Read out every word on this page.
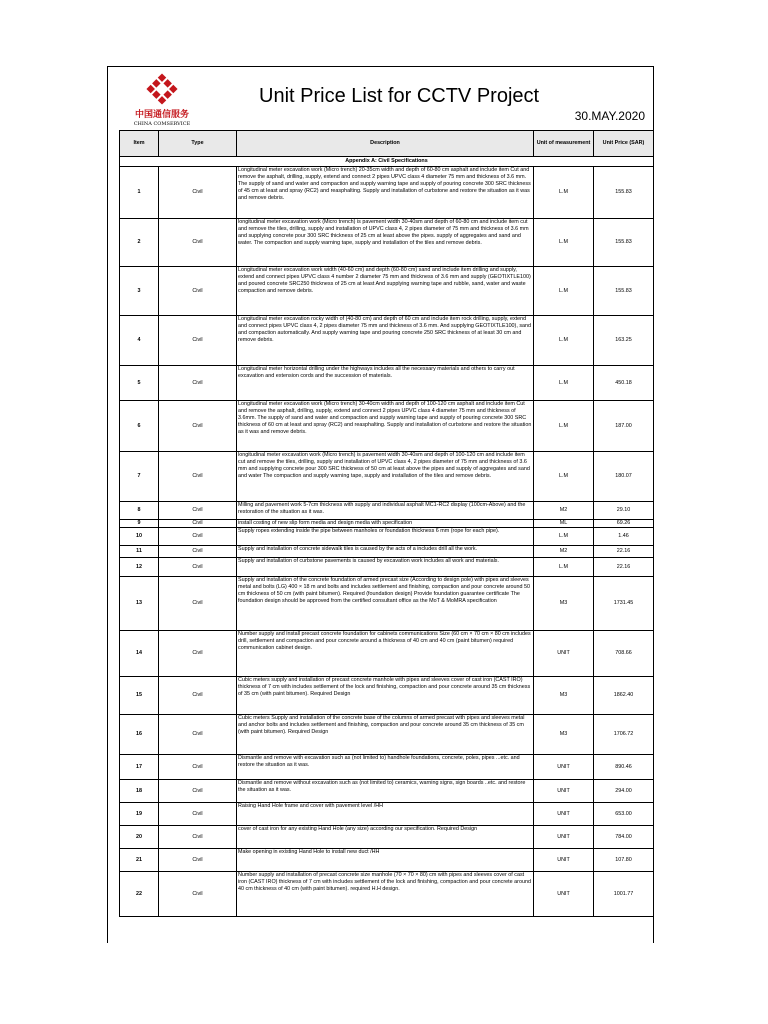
中国通信服务
CHINA COMSERVICE
Unit Price List for CCTV Project
30.MAY.2020
Item	Type	Description	Unit of measurement	Unit Price (SAR)
Appendix A: Civil Specifications				
1	Civil	Longitudinal meter excavation work (Micro trench) 20-35cm width and depth of 60-80 cm asphalt and include item Cut and remove the asphalt, drilling, supply, extend and connect 2 pipes UPVC class 4 diameter 75 mm and thickness of 3.6 mm. The supply of sand and water and compaction and supply warning tape and supply of pouring concrete 300 SRC thickness of 45 cm at least and spray (RC2) and reasphalting. Supply and installation of curbstone and restore the situation as it was and remove debris.	L.M	155.83
2	Civil	longitudinal meter excavation work (Micro trench) is pavement width 30-40sm and depth of 60-80 cm and include item cut and remove the tiles, drilling, supply and installation of UPVC class 4, 2 pipes diameter of 75 mm and thickness of 3.6 mm and supplying concrete pour 300 SRC thickness of 25 cm at least above the pipes. supply of aggregates and sand and water. The compaction and supply warning tape, supply and installation of the tiles and remove debris.	L.M	155.83
3	Civil	Longitudinal meter excavation work width (40-60 cm) and depth (60-80 cm) sand and include item drilling and supply, extend and connect pipes UPVC class 4 number 2 diameter 75 mm and thickness of 3.6 mm and supply (GEOTIXTLE100) and poured concrete SRC250 thickness of 25 cm at least And supplying warning tape and rubble, sand, water and waste compaction and remove debris.	L.M	155.83
4	Civil	Longitudinal meter excavation rocky width of (40-80 cm) and depth of 60 cm and include item rock drilling, supply, extend and connect pipes UPVC class 4, 2 pipes diameter 75 mm and thickness of 3.6 mm. And supplying GEOTIXTLE100), sand and compaction automatically. And supply warning tape and pouring concrete 250 SRC thickness of at least 30 cm and remove debris.	L.M	163.25
5	Civil	Longitudinal meter horizontal drilling under the highways includes all the necessary materials and others to carry out excavation and extension cords and the succession of materials.	L.M	450.18
6	Civil	Longitudinal meter excavation work (Micro trench) 30-40cm width and depth of 100-120 cm asphalt and include item Cut and remove the asphalt, drilling, supply, extend and connect 2 pipes UPVC class 4 diameter 75 mm and thickness of 3.6mm. The supply of sand and water and compaction and supply warning tape and supply of pouring concrete 300 SRC thickness of 60 cm at least and spray (RC2) and reasphalting. Supply and installation of curbstone and restore the situation as it was and remove debris.	L.M	187.00
7	Civil	longitudinal meter excavation work (Micro trench) is pavement width 30-40sm and depth of 100-120 cm and include item cut and remove the tiles, drilling, supply and installation of UPVC class 4, 2 pipes diameter of 75 mm and thickness of 3.6 mm and supplying concrete pour 300 SRC thickness of 50 cm at least above the pipes and supply of aggregates and sand and water The compaction and supply warning tape, supply and installation of the tiles and remove debris.	L.M	180.07
8	Civil	Milling and pavement work 5-7cm thickness with supply and individual asphalt MC1-RC2 display (100cm-Above) and the restoration of the situation as it was.	M2	29.10
9	Civil	install costing of new slip form media and design media with specification	ML	69.26
10	Civil	Supply ropes extending inside the pipe between manholes or foundation thickness 6 mm (rope for each pipe).	L.M	1.46
11	Civil	Supply and installation of concrete sidewalk tiles is caused by the acts of a includes drill all the work.	M2	22.16
12	Civil	Supply and installation of curbstone pavements is caused by excavation work includes all work and materials.	L.M	22.16
13	Civil	Supply and installation of the concrete foundation of armed precast size (According to design pole) with pipes and sleeves metal and bolts (LG) 400 × 18 m and bolts and includes settlement and finishing, compaction and pour concrete around 50 cm thickness of 50 cm (with paint bitumen). Required (foundation design) Provide foundation guarantee certificate The foundation design should be approved from the certified consultant office as the MoT & MoMRA specification	M3	1731.45
14	Civil	Number supply and install precast concrete foundation for cabinets communications Size (60 cm × 70 cm × 80 cm includes drill, settlement and compaction and pour concrete around a thickness of 40 cm and 40 cm (paint bitumen) required communication cabinet design.	UNIT	708.66
15	Civil	Cubic meters supply and installation of precast concrete manhole with pipes and sleeves cover of cast iron (CAST IRO) thickness of 7 cm with includes settlement of the lock and finishing, compaction and pour concrete around 35 cm thickness of 35 cm (with paint bitumen). Required Design	M3	1862.40
16	Civil	Cubic meters Supply and installation of the concrete base of the columns of armed precast with pipes and sleeves metal and anchor bolts and includes settlement and finishing, compaction and pour concrete around 35 cm thickness of 35 cm (with paint bitumen). Required Design	M3	1706.72
17	Civil	Dismantle and remove with excavation such as (not limited to) handhole foundations, concrete, poles, pipes ...etc. and restore the situation as it was.	UNIT	890.46
18	Civil	Dismantle and remove without excavation such as (not limited to) ceramics, warning signs, sign boards ..etc. and restore the situation as it was.	UNIT	294.00
19	Civil	Raising Hand Hole frame and cover with pavement level /HH	UNIT	653.00
20	Civil	cover of cast iron for any existing Hand Hole (any size) according our specification. Required Design	UNIT	784.00
21	Civil	Make opening in existing Hand Hole to install new duct /HH	UNIT	107.80
22	Civil	Number supply and installation of precast concrete size manhole (70 × 70 × 80) cm with pipes and sleeves cover of cast iron (CAST IRO) thickness of 7 cm with includes settlement of the lock and finishing, compaction and pour concrete around 40 cm thickness of 40 cm (with paint bitumen). required H.H design.	UNIT	1001.77
